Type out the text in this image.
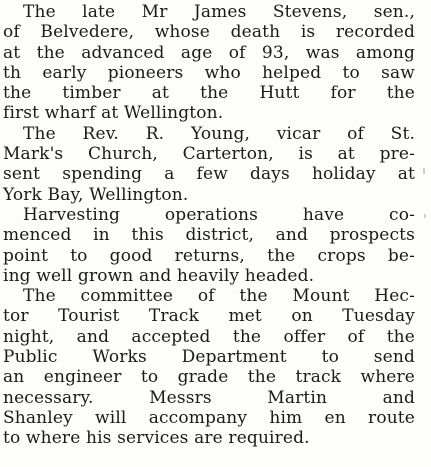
The late Mr James Stevens, sen.,
of Belvedere, whose death is recorded
at the advanced age of 93, was among
th early pioneers who helped to saw
the timber at the Hutt for the
first wharf at Wellington.
The Rev. R. Young, vicar of St.
Mark's Church, Carterton, is at pre-
sent spending a few days holiday at
York Bay, Wellington.
Harvesting operations have co-
menced in this district, and prospects
point to good returns, the crops be-
ing well grown and heavily headed.
The committee of the Mount Hec-
tor Tourist Track met on Tuesday
night, and accepted the offer of the
Public Works Department to send
an engineer to grade the track where
necessary. Messrs Martin and
Shanley will accompany him en route
to where his services are required.
